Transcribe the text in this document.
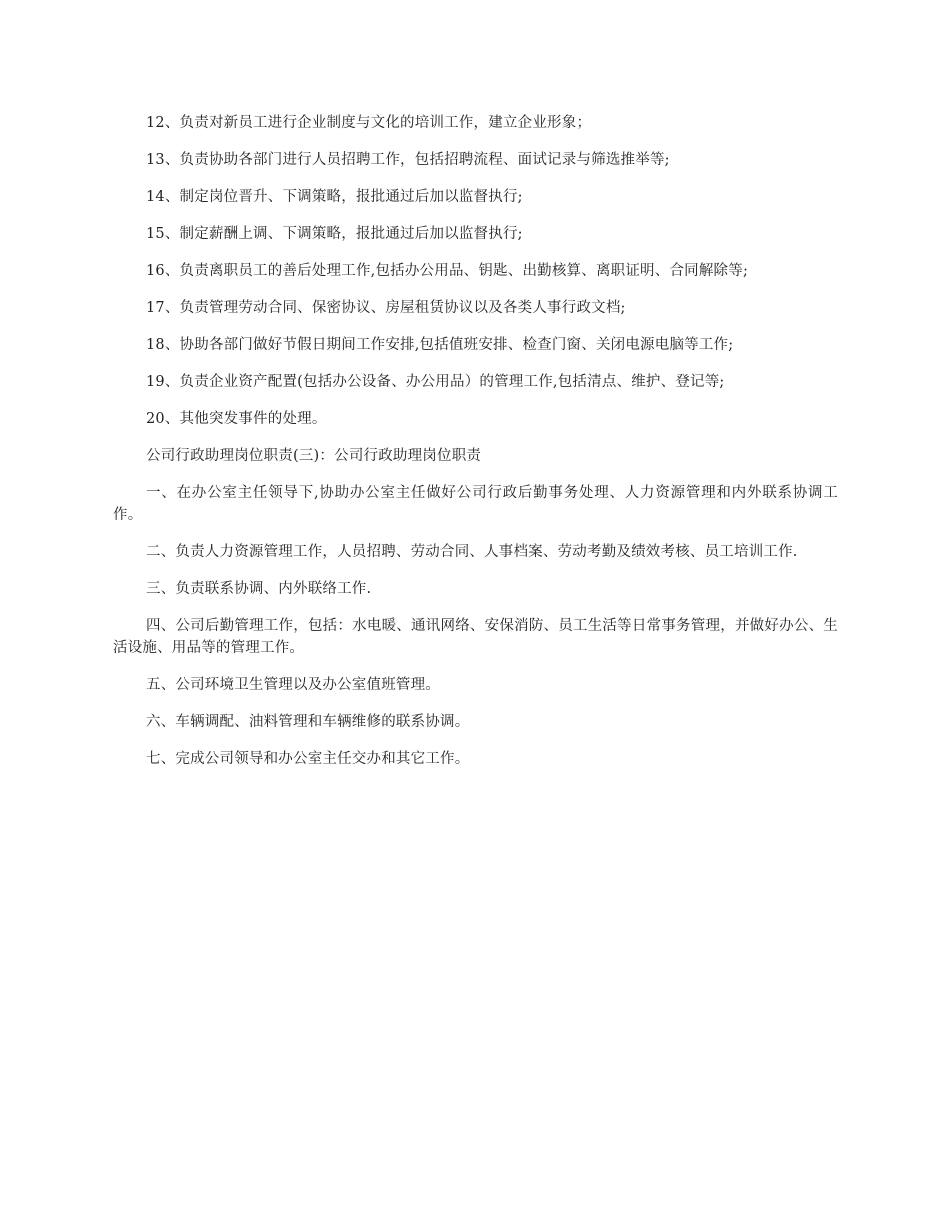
12、负责对新员工进行企业制度与文化的培训工作，建立企业形象；

13、负责协助各部门进行人员招聘工作，包括招聘流程、面试记录与筛选推举等;

14、制定岗位晋升、下调策略，报批通过后加以监督执行;

15、制定薪酬上调、下调策略，报批通过后加以监督执行;

16、负责离职员工的善后处理工作,包括办公用品、钥匙、出勤核算、离职证明、合同解除等;

17、负责管理劳动合同、保密协议、房屋租赁协议以及各类人事行政文档;

18、协助各部门做好节假日期间工作安排,包括值班安排、检查门窗、关闭电源电脑等工作;

19、负责企业资产配置(包括办公设备、办公用品）的管理工作,包括清点、维护、登记等;

20、其他突发事件的处理。

公司行政助理岗位职责(三)：公司行政助理岗位职责

一、在办公室主任领导下,协助办公室主任做好公司行政后勤事务处理、人力资源管理和内外联系协调工作。

二、负责人力资源管理工作，人员招聘、劳动合同、人事档案、劳动考勤及绩效考核、员工培训工作.

三、负责联系协调、内外联络工作.

四、公司后勤管理工作，包括：水电暖、通讯网络、安保消防、员工生活等日常事务管理，并做好办公、生活设施、用品等的管理工作。

五、公司环境卫生管理以及办公室值班管理。

六、车辆调配、油料管理和车辆维修的联系协调。

七、完成公司领导和办公室主任交办和其它工作。
